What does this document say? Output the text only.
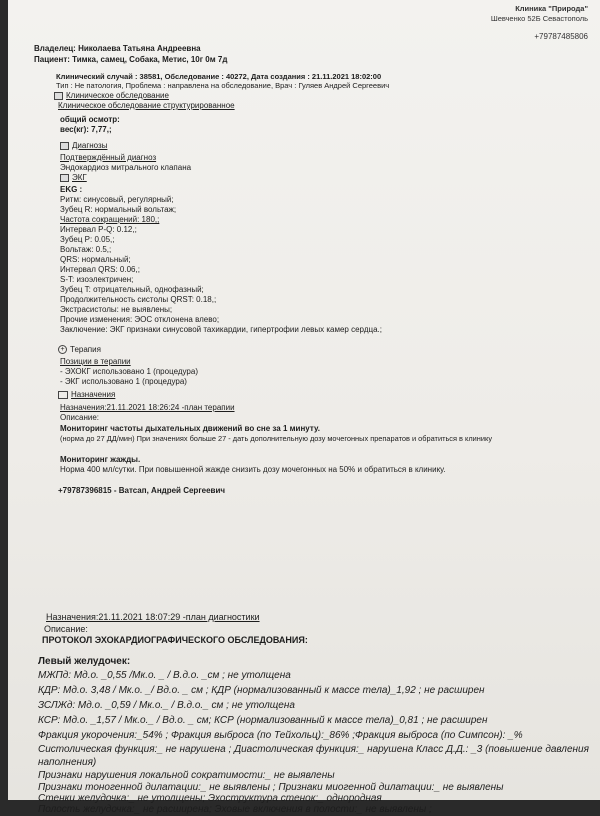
Клиника "Природа"
Шевченко 52Б Севастополь
+79787485806
Владелец: Николаева Татьяна Андреевна
Пациент: Тимка, самец, Собака, Метис, 10г 0м 7д
Клинический случай : 38581, Обследование : 40272, Дата создания : 21.11.2021 18:02:00
Тип : Не патология, Проблема : направлена на обследование, Врач : Гуляев Андрей Сергеевич
Клиническое обследование
Клиническое обследование структурированное
общий осмотр:
вес(кг): 7,77,;
Диагнозы
Подтверждённый диагноз
Эндокардиоз митрального клапана
ЭКГ
EKG :
Ритм: синусовый, регулярный;
Зубец R: нормальный вольтаж;
Частота сокращений: 180,;
Интервал P-Q: 0.12,;
Зубец P: 0.05,;
Вольтаж: 0.5,;
QRS: нормальный;
Интервал QRS: 0.06,;
S-T: изоэлектричен;
Зубец T: отрицательный, однофазный;
Продолжительность систолы QRST: 0.18,;
Экстрасистолы: не выявлены;
Прочие изменения: ЭОС отклонена влево;
Заключение: ЭКГ признаки синусовой тахикардии, гипертрофии левых камер сердца.;
+ Терапия
Позиции в терапии
- ЭХОКГ использовано 1 (процедура)
- ЭКГ использовано 1 (процедура)
Назначения
Назначения:21.11.2021 18:26:24 -план терапии
Описание:
Мониторинг частоты дыхательных движений во сне за 1 минуту.
(норма до 27 ДД/мин) При значениях больше 27 - дать дополнительную дозу мочегонных препаратов и обратиться в клинику
Мониторинг жажды.
Норма 400 мл/сутки. При повышенной жажде снизить дозу мочегонных на 50% и обратиться в клинику.
+79787396815 - Ватсап, Андрей Сергеевич
Назначения:21.11.2021 18:07:29 -план диагностики
Описание:
ПРОТОКОЛ ЭХОКАРДИОГРАФИЧЕСКОГО ОБСЛЕДОВАНИЯ:
Левый желудочек:
МЖПд: Мд.о. _0,55 /Мк.о. _ / В.д.о. _см ; не утолщена
КДР: Мд.о. 3,48 / Мк.о. _/ Вд.о. _ см ; КДР (нормализованный к массе тела)_1,92 ; не расширен
ЗСЛЖд: Мд.о. _0,59 / Мк.о._ / В.д.о._ см ; не утолщена
КСР: Мд.о. _1,57 / Мк.о._ / Вд.о. _ см; КСР (нормализованный к массе тела)_0,81 ; не расширен
Фракция укорочения:_54% ; Фракция выброса (по Тейхольц):_86% ;Фракция выброса (по Симпсон): _%
Систолическая функция:_ не нарушена ; Диастолическая функция:_ нарушена Класс Д.Д.: _3 (повышение давления
наполнения)
Признаки нарушения локальной сократимости:_ не выявлены
Признаки тоногенной дилатации:_ не выявлены ; Признаки миогенной дилатации:_ не выявлены
Стенки желудочка:_ не утолщены; Эхоструктура стенок:_ однородная
Полость желудочка:_ не расширена; Эховые включения в полости:_ не выявлены ;
